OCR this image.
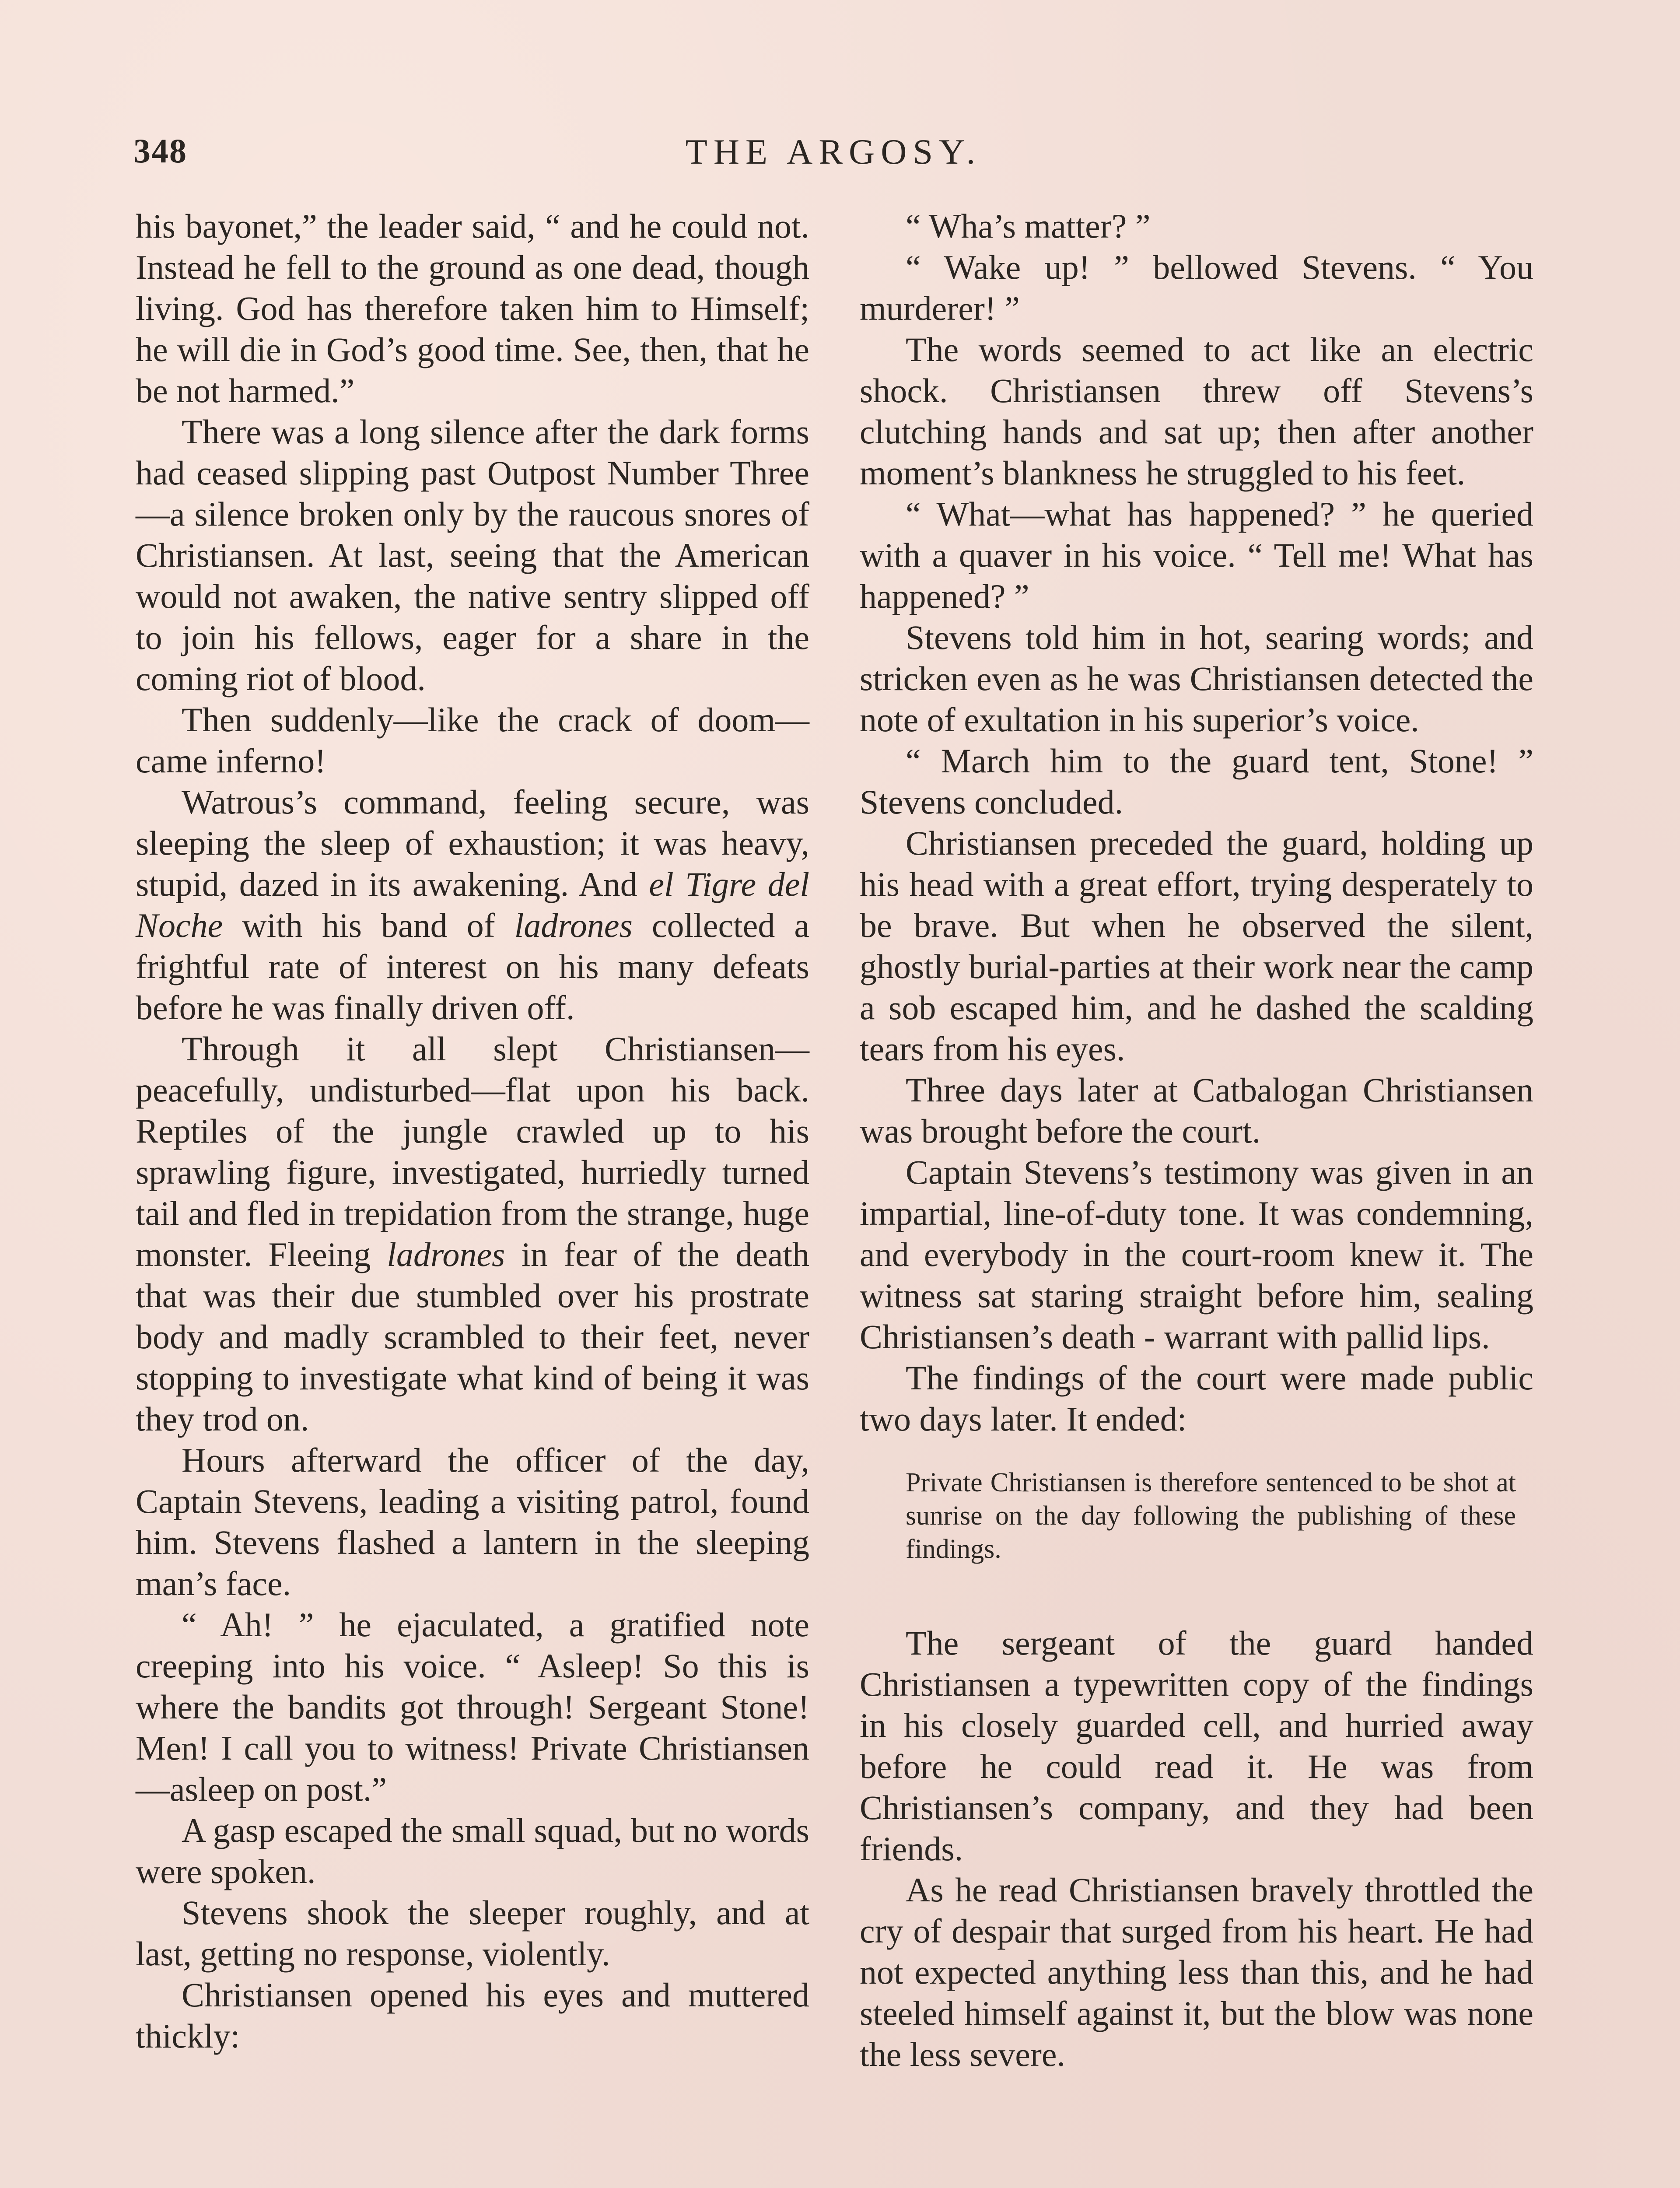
348	THE ARGOSY.

his bayonet,” the leader said, “ and he could not. Instead he fell to the ground as one dead, though living. God has therefore taken him to Himself; he will die in God’s good time. See, then, that he be not harmed.”

There was a long silence after the dark forms had ceased slipping past Outpost Number Three—a silence broken only by the raucous snores of Christiansen. At last, seeing that the American would not awaken, the native sentry slipped off to join his fellows, eager for a share in the coming riot of blood.

Then suddenly—like the crack of doom—came inferno!

Watrous’s command, feeling secure, was sleeping the sleep of exhaustion; it was heavy, stupid, dazed in its awakening. And el Tigre del Noche with his band of ladrones collected a frightful rate of interest on his many defeats before he was finally driven off.

Through it all slept Christiansen— peacefully, undisturbed—flat upon his back. Reptiles of the jungle crawled up to his sprawling figure, investigated, hurriedly turned tail and fled in trepidation from the strange, huge monster. Fleeing ladrones in fear of the death that was their due stumbled over his prostrate body and madly scrambled to their feet, never stopping to investigate what kind of being it was they trod on.

Hours afterward the officer of the day, Captain Stevens, leading a visiting patrol, found him. Stevens flashed a lantern in the sleeping man’s face.

“ Ah! ” he ejaculated, a gratified note creeping into his voice. “ Asleep! So this is where the bandits got through! Sergeant Stone! Men! I call you to witness! Private Christiansen—asleep on post.”

A gasp escaped the small squad, but no words were spoken.

Stevens shook the sleeper roughly, and at last, getting no response, violently.

Christiansen opened his eyes and muttered thickly:

“ Wha’s matter? ”

“ Wake up! ” bellowed Stevens. “ You murderer! ”

The words seemed to act like an electric shock. Christiansen threw off Stevens’s clutching hands and sat up; then after another moment’s blankness he struggled to his feet.

“ What—what has happened? ” he queried with a quaver in his voice. “ Tell me! What has happened? ”

Stevens told him in hot, searing words; and stricken even as he was Christiansen detected the note of exultation in his superior’s voice.

“ March him to the guard tent, Stone! ” Stevens concluded.

Christiansen preceded the guard, holding up his head with a great effort, trying desperately to be brave. But when he observed the silent, ghostly burial-parties at their work near the camp a sob escaped him, and he dashed the scalding tears from his eyes.

Three days later at Catbalogan Christiansen was brought before the court.

Captain Stevens’s testimony was given in an impartial, line-of-duty tone. It was condemning, and everybody in the court-room knew it. The witness sat staring straight before him, sealing Christiansen’s death - warrant with pallid lips.

The findings of the court were made public two days later. It ended:

Private Christiansen is therefore sentenced to be shot at sunrise on the day following the publishing of these findings.

The sergeant of the guard handed Christiansen a typewritten copy of the findings in his closely guarded cell, and hurried away before he could read it. He was from Christiansen’s company, and they had been friends.

As he read Christiansen bravely throttled the cry of despair that surged from his heart. He had not expected anything less than this, and he had steeled himself against it, but the blow was none the less severe.
